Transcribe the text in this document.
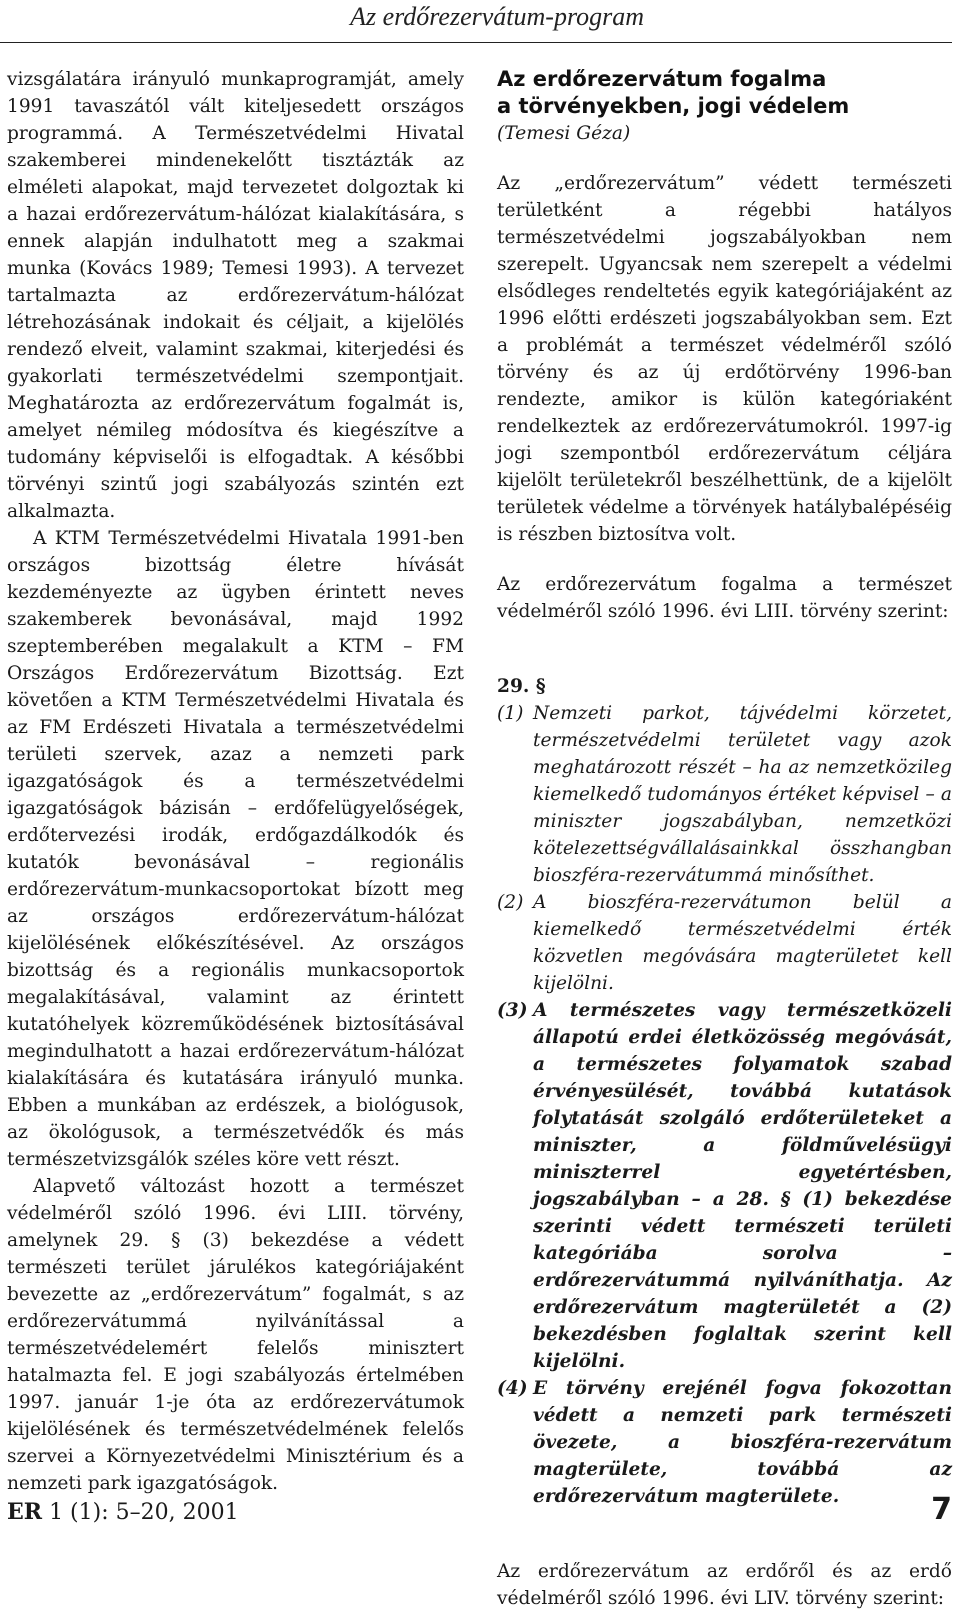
Az erdőrezervátum-program

vizsgálatára irányuló munkaprogramját, amely 1991 tavaszától vált kiteljesedett országos programmá. A Természetvédelmi Hivatal szakemberei mindenekelőtt tisztázták az elméleti alapokat, majd tervezetet dolgoztak ki a hazai erdőrezervátum-hálózat kialakítására, s ennek alapján indulhatott meg a szakmai munka (Kovács 1989; Temesi 1993). A tervezet tartalmazta az erdőrezervátum-hálózat létrehozásának indokait és céljait, a kijelölés rendező elveit, valamint szakmai, kiterjedési és gyakorlati természetvédelmi szempontjait. Meghatározta az erdőrezervátum fogalmát is, amelyet némileg módosítva és kiegészítve a tudomány képviselői is elfogadtak. A későbbi törvényi szintű jogi szabályozás szintén ezt alkalmazta.

A KTM Természetvédelmi Hivatala 1991-ben országos bizottság életre hívását kezdeményezte az ügyben érintett neves szakemberek bevonásával, majd 1992 szeptemberében megalakult a KTM – FM Országos Erdőrezervátum Bizottság. Ezt követően a KTM Természetvédelmi Hivatala és az FM Erdészeti Hivatala a természetvédelmi területi szervek, azaz a nemzeti park igazgatóságok és a természetvédelmi igazgatóságok bázisán – erdőfelügyelőségek, erdőtervezési irodák, erdőgazdálkodók és kutatók bevonásával – regionális erdőrezervátum-munkacsoportokat bízott meg az országos erdőrezervátum-hálózat kijelölésének előkészítésével. Az országos bizottság és a regionális munkacsoportok megalakításával, valamint az érintett kutatóhelyek közreműködésének biztosításával megindulhatott a hazai erdőrezervátum-hálózat kialakítására és kutatására irányuló munka. Ebben a munkában az erdészek, a biológusok, az ökológusok, a természetvédők és más természetvizsgálók széles köre vett részt.

Alapvető változást hozott a természet védelméről szóló 1996. évi LIII. törvény, amelynek 29. § (3) bekezdése a védett természeti terület járulékos kategóriájaként bevezette az „erdőrezervátum” fogalmát, s az erdőrezervátummá nyilvánítással a természetvédelemért felelős minisztert hatalmazta fel. E jogi szabályozás értelmében 1997. január 1-je óta az erdőrezervátumok kijelölésének és természetvédelmének felelős szervei a Környezetvédelmi Minisztérium és a nemzeti park igazgatóságok.

Az erdőrezervátum fogalma
a törvényekben, jogi védelem

(Temesi Géza)

Az „erdőrezervátum” védett természeti területként a régebbi hatályos természetvédelmi jogszabályokban nem szerepelt. Ugyancsak nem szerepelt a védelmi elsődleges rendeltetés egyik kategóriájaként az 1996 előtti erdészeti jogszabályokban sem. Ezt a problémát a természet védelméről szóló törvény és az új erdőtörvény 1996-ban rendezte, amikor is külön kategóriaként rendelkeztek az erdőrezervátumokról. 1997-ig jogi szempontból erdőrezervátum céljára kijelölt területekről beszélhettünk, de a kijelölt területek védelme a törvények hatálybalépéséig is részben biztosítva volt.

Az erdőrezervátum fogalma a természet védelméről szóló 1996. évi LIII. törvény szerint:

29. §

(1) Nemzeti parkot, tájvédelmi körzetet, természetvédelmi területet vagy azok meghatározott részét – ha az nemzetközileg kiemelkedő tudományos értéket képvisel – a miniszter jogszabályban, nemzetközi kötelezettségvállalásainkkal összhangban bioszféra-rezervátummá minősíthet.
(2) A bioszféra-rezervátumon belül a kiemelkedő természetvédelmi érték közvetlen megóvására magterületet kell kijelölni.
(3) A természetes vagy természetközeli állapotú erdei életközösség megóvását, a természetes folyamatok szabad érvényesülését, továbbá kutatások folytatását szolgáló erdőterületeket a miniszter, a földművelésügyi miniszterrel egyetértésben, jogszabályban – a 28. § (1) bekezdése szerinti védett természeti területi kategóriába sorolva – erdőrezervátummá nyilváníthatja. Az erdőrezervátum magterületét a (2) bekezdésben foglaltak szerint kell kijelölni.
(4) E törvény erejénél fogva fokozottan védett a nemzeti park természeti övezete, a bioszféra-rezervátum magterülete, továbbá az erdőrezervátum magterülete.

Az erdőrezervátum az erdőről és az erdő védelméről szóló 1996. évi LIV. törvény szerint:

ER 1 (1): 5–20, 2001	7
